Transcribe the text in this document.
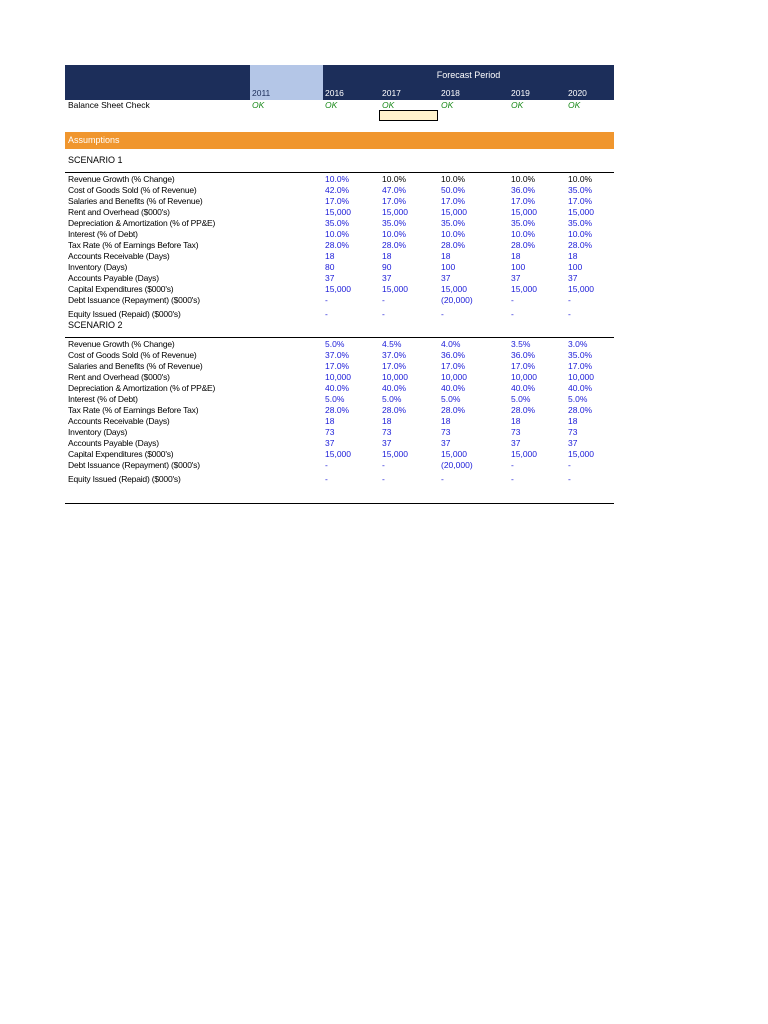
Forecast Period
2011	2016	2017	2018	2019	2020
Balance Sheet Check	OK	OK	OK	OK	OK	OK
Assumptions
SCENARIO 1
Revenue Growth (% Change)	10.0%	10.0%	10.0%	10.0%	10.0%
Cost of Goods Sold (% of Revenue)	42.0%	47.0%	50.0%	36.0%	35.0%
Salaries and Benefits (% of Revenue)	17.0%	17.0%	17.0%	17.0%	17.0%
Rent and Overhead ($000's)	15,000	15,000	15,000	15,000	15,000
Depreciation & Amortization (% of PP&E)	35.0%	35.0%	35.0%	35.0%	35.0%
Interest (% of Debt)	10.0%	10.0%	10.0%	10.0%	10.0%
Tax Rate (% of Earnings Before Tax)	28.0%	28.0%	28.0%	28.0%	28.0%
Accounts Receivable (Days)	18	18	18	18	18
Inventory (Days)	80	90	100	100	100
Accounts Payable (Days)	37	37	37	37	37
Capital Expenditures ($000's)	15,000	15,000	15,000	15,000	15,000
Debt Issuance (Repayment) ($000's)	-	-	(20,000)	-	-
Equity Issued (Repaid) ($000's)	-	-	-	-	-
SCENARIO 2
Revenue Growth (% Change)	5.0%	4.5%	4.0%	3.5%	3.0%
Cost of Goods Sold (% of Revenue)	37.0%	37.0%	36.0%	36.0%	35.0%
Salaries and Benefits (% of Revenue)	17.0%	17.0%	17.0%	17.0%	17.0%
Rent and Overhead ($000's)	10,000	10,000	10,000	10,000	10,000
Depreciation & Amortization (% of PP&E)	40.0%	40.0%	40.0%	40.0%	40.0%
Interest (% of Debt)	5.0%	5.0%	5.0%	5.0%	5.0%
Tax Rate (% of Earnings Before Tax)	28.0%	28.0%	28.0%	28.0%	28.0%
Accounts Receivable (Days)	18	18	18	18	18
Inventory (Days)	73	73	73	73	73
Accounts Payable (Days)	37	37	37	37	37
Capital Expenditures ($000's)	15,000	15,000	15,000	15,000	15,000
Debt Issuance (Repayment) ($000's)	-	-	(20,000)	-	-
Equity Issued (Repaid) ($000's)	-	-	-	-	-
